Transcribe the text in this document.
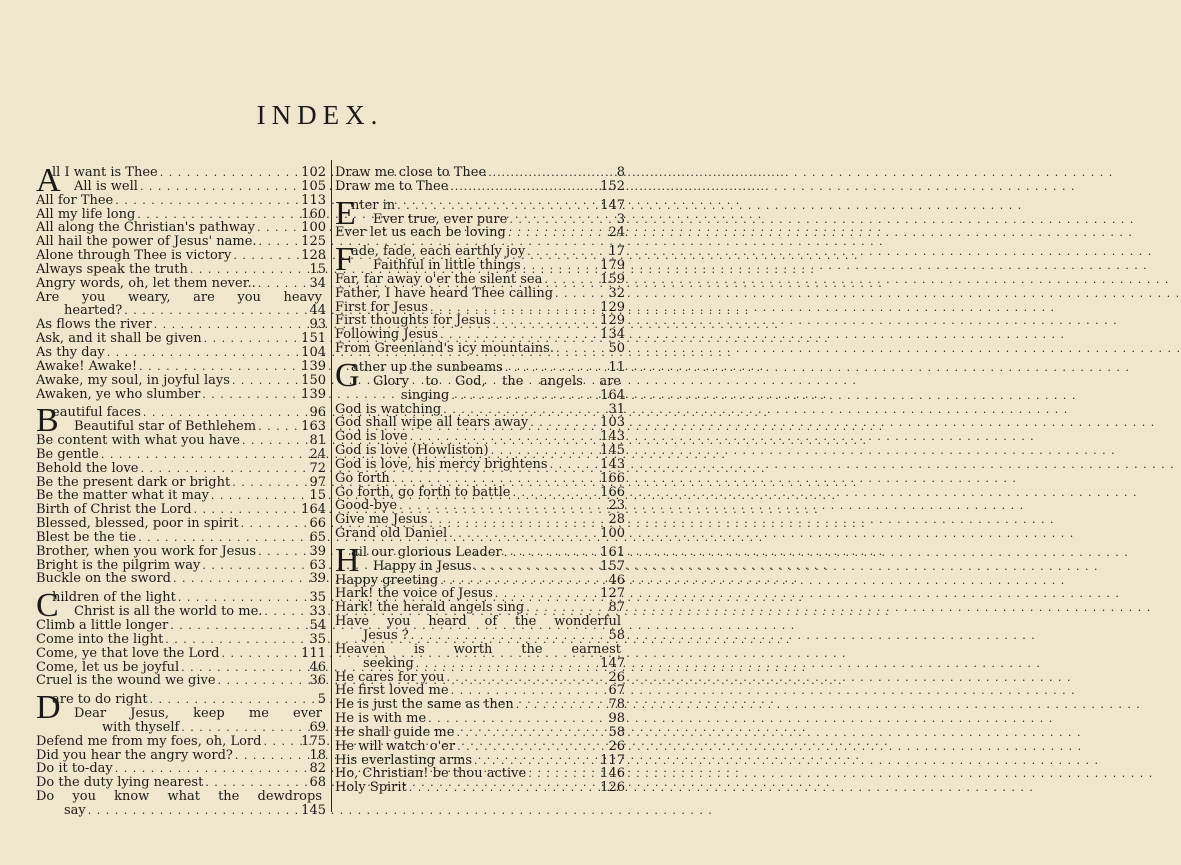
INDEX.
A
ll I want is Thee . . .	102
All is well . . .	105
All for Thee . . .	113
All my life long . . .	160
All along the Christian's pathway . . .	100
All hail the power of Jesus' name. . . .	125
Alone through Thee is victory . . .	128
Always speak the truth . . .	15
Angry words, oh, let them never.. . . .	34
Are you weary, are you heavy
hearted? . . .	44
As flows the river . . .	93
Ask, and it shall be given . . .	151
As thy day . . .	104
Awake! Awake! . . .	139
Awake, my soul, in joyful lays . . .	150
Awaken, ye who slumber . . .	139
B
eautiful faces . . .	96
Beautiful star of Bethlehem . . .	163
Be content with what you have . . .	81
Be gentle . . .	24
Behold the love . . .	72
Be the present dark or bright . . .	97
Be the matter what it may . . .	15
Birth of Christ the Lord . . .	164
Blessed, blessed, poor in spirit . . .	66
Blest be the tie . . .	65
Brother, when you work for Jesus . . .	39
Bright is the pilgrim way . . .	63
Buckle on the sword . . .	39
C
hildren of the light . . .	35
Christ is all the world to me. . . .	33
Climb a little longer . . .	54
Come into the light . . .	35
Come, ye that love the Lord . . .	111
Come, let us be joyful . . .	46
Cruel is the wound we give . . .	36
D
are to do right . . .	5
Dear Jesus, keep me ever
with thyself . . .	69
Defend me from my foes, oh, Lord . . .	175
Did you hear the angry word? . . .	18
Do it to-day . . .	82
Do the duty lying nearest . . .	68
Do you know what the dewdrops
say . . .	145
Draw me close to Thee . . .	8
Draw me to Thee . . .	152
E
nter in . . .	147
Ever true, ever pure . . .	3
Ever let us each be loving . . .	24
F
ade, fade, each earthly joy . . .	17
Faithful in little things . . .	179
Far, far away o'er the silent sea . . .	159
Father, I have heard Thee calling . . .	32
First for Jesus . . .	129
First thoughts for Jesus . . .	129
Following Jesus . . .	134
From Greenland's icy mountains. . . .	50
G
ather up the sunbeams . . .	11
Glory to God, the angels are
singing . . .	164
God is watching . . .	31
God shall wipe all tears away . . .	103
God is love . . .	143
God is love (Howliston) . . .	145
God is love, his mercy brightens . . .	143
Go forth . . .	166
Go forth, go forth to battle . . .	166
Good-bye . . .	23
Give me Jesus . . .	28
Grand old Daniel . . .	100
H
ail our glorious Leader . . .	161
Happy in Jesus . . .	157
Happy greeting . . .	46
Hark! the voice of Jesus . . .	127
Hark! the herald angels sing . . .	87
Have you heard of the wonderful
Jesus ? . . .	58
Heaven is worth the earnest
seeking . . .	147
He cares for you . . .	26
He first loved me . . .	67
He is just the same as then . . .	78
He is with me . . .	98
He shall guide me . . .	58
He will watch o'er . . .	26
His everlasting arms . . .	117
Ho, Christian! be thou active . . .	146
Holy Spirit . . .	126
